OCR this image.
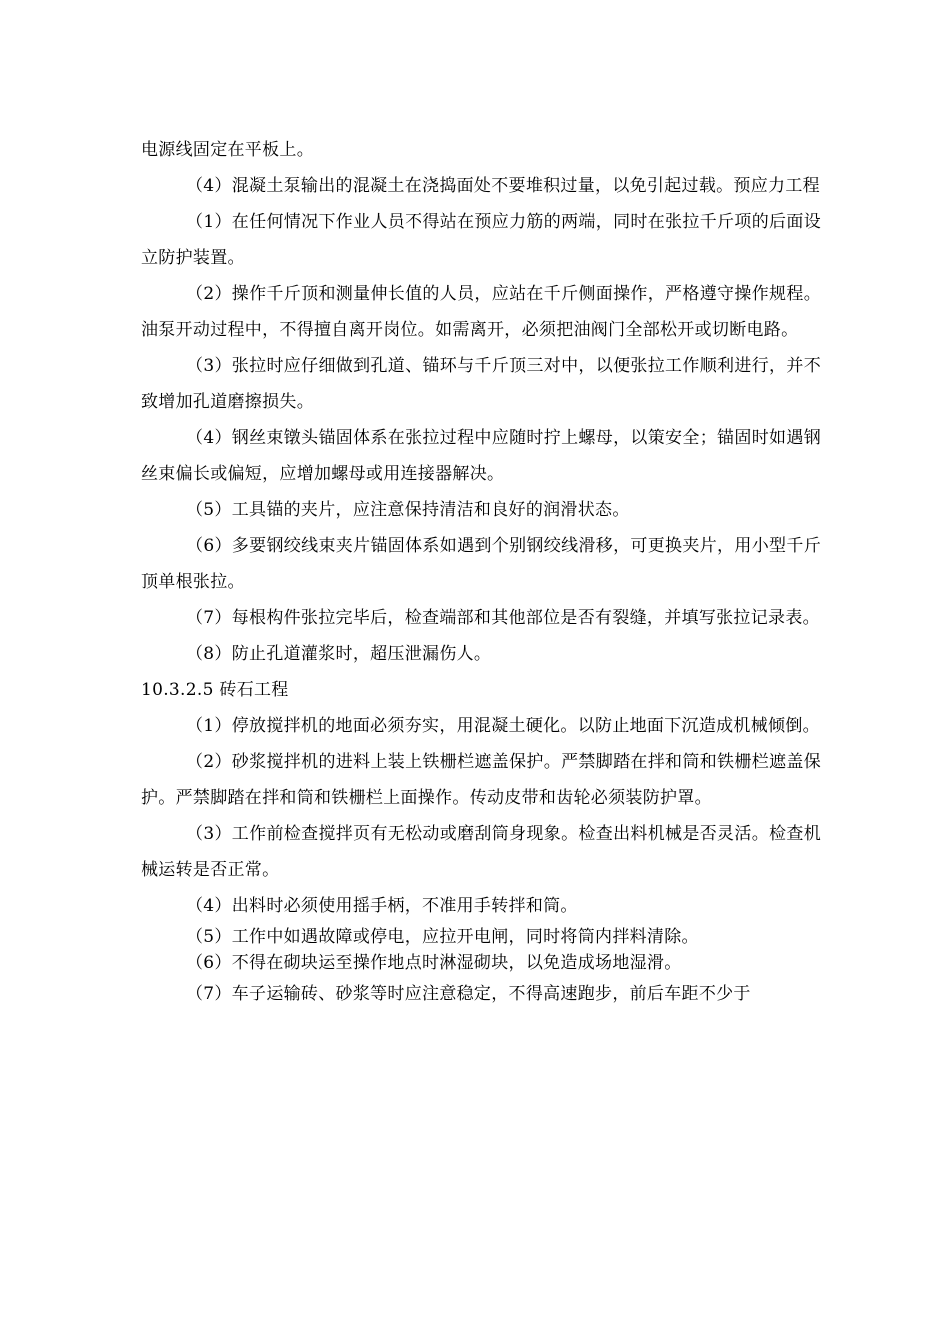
电源线固定在平板上。

（4）混凝土泵输出的混凝土在浇捣面处不要堆积过量，以免引起过载。预应力工程

（1）在任何情况下作业人员不得站在预应力筋的两端，同时在张拉千斤项的后面设立防护装置。

（2）操作千斤顶和测量伸长值的人员，应站在千斤侧面操作，严格遵守操作规程。油泵开动过程中，不得擅自离开岗位。如需离开，必须把油阀门全部松开或切断电路。

（3）张拉时应仔细做到孔道、锚环与千斤顶三对中，以便张拉工作顺利进行，并不致增加孔道磨擦损失。

（4）钢丝束镦头锚固体系在张拉过程中应随时拧上螺母，以策安全；锚固时如遇钢丝束偏长或偏短，应增加螺母或用连接器解决。

（5）工具锚的夹片，应注意保持清洁和良好的润滑状态。

（6）多要钢绞线束夹片锚固体系如遇到个别钢绞线滑移，可更换夹片，用小型千斤顶单根张拉。

（7）每根构件张拉完毕后，检查端部和其他部位是否有裂缝，并填写张拉记录表。

（8）防止孔道灌浆时，超压泄漏伤人。

10.3.2.5 砖石工程

（1）停放搅拌机的地面必须夯实，用混凝土硬化。以防止地面下沉造成机械倾倒。

（2）砂浆搅拌机的进料上装上铁栅栏遮盖保护。严禁脚踏在拌和筒和铁栅栏遮盖保护。严禁脚踏在拌和筒和铁栅栏上面操作。传动皮带和齿轮必须装防护罩。

（3）工作前检查搅拌页有无松动或磨刮筒身现象。检查出料机械是否灵活。检查机械运转是否正常。

（4）出料时必须使用摇手柄，不准用手转拌和筒。

（5）工作中如遇故障或停电，应拉开电闸，同时将筒内拌料清除。

（6）不得在砌块运至操作地点时淋湿砌块，以免造成场地湿滑。

（7）车子运输砖、砂浆等时应注意稳定，不得高速跑步，前后车距不少于
